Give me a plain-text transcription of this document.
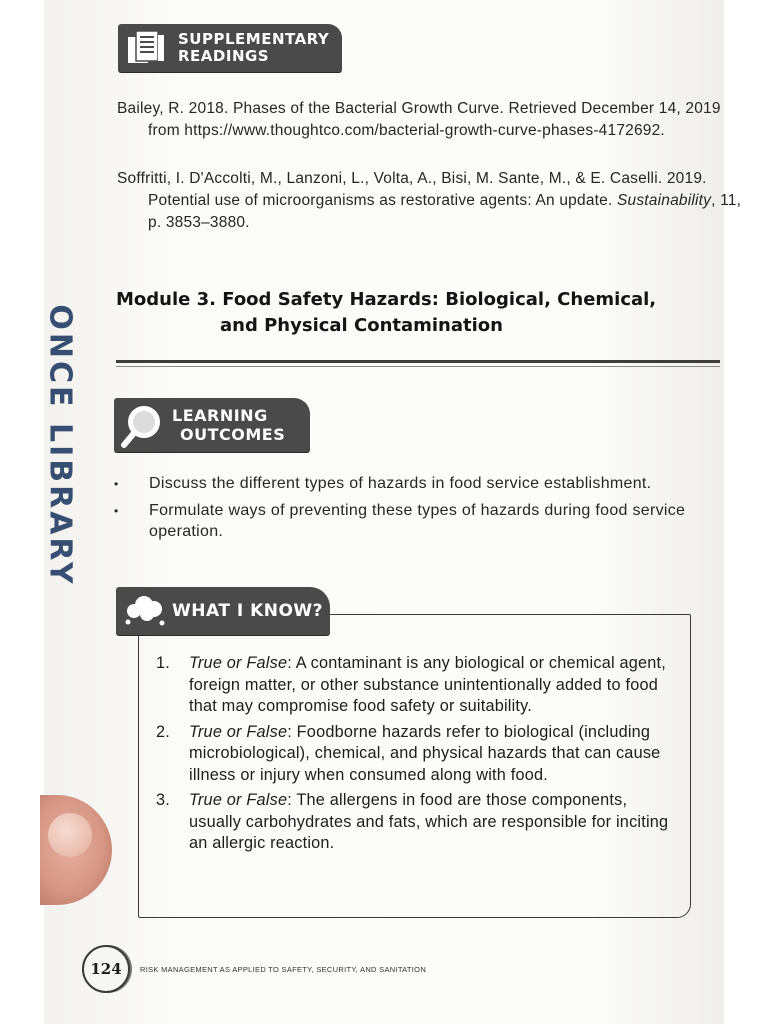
ONCE LIBRARY
SUPPLEMENTARY
READINGS
Bailey, R. 2018. Phases of the Bacterial Growth Curve. Retrieved December 14, 2019 from https://www.thoughtco.com/bacterial-growth-curve-phases-4172692.
Soffritti, I. D'Accolti, M., Lanzoni, L., Volta, A., Bisi, M. Sante, M., & E. Caselli. 2019. Potential use of microorganisms as restorative agents: An update. Sustainability, 11, p. 3853–3880.
Module 3. Food Safety Hazards: Biological, Chemical,
and Physical Contamination
LEARNING
OUTCOMES
• Discuss the different types of hazards in food service establishment.
• Formulate ways of preventing these types of hazards during food service operation.
WHAT I KNOW?
1. True or False: A contaminant is any biological or chemical agent, foreign matter, or other substance unintentionally added to food that may compromise food safety or suitability.
2. True or False: Foodborne hazards refer to biological (including microbiological), chemical, and physical hazards that can cause illness or injury when consumed along with food.
3. True or False: The allergens in food are those components, usually carbohydrates and fats, which are responsible for inciting an allergic reaction.
124	RISK MANAGEMENT AS APPLIED TO SAFETY, SECURITY, AND SANITATION
